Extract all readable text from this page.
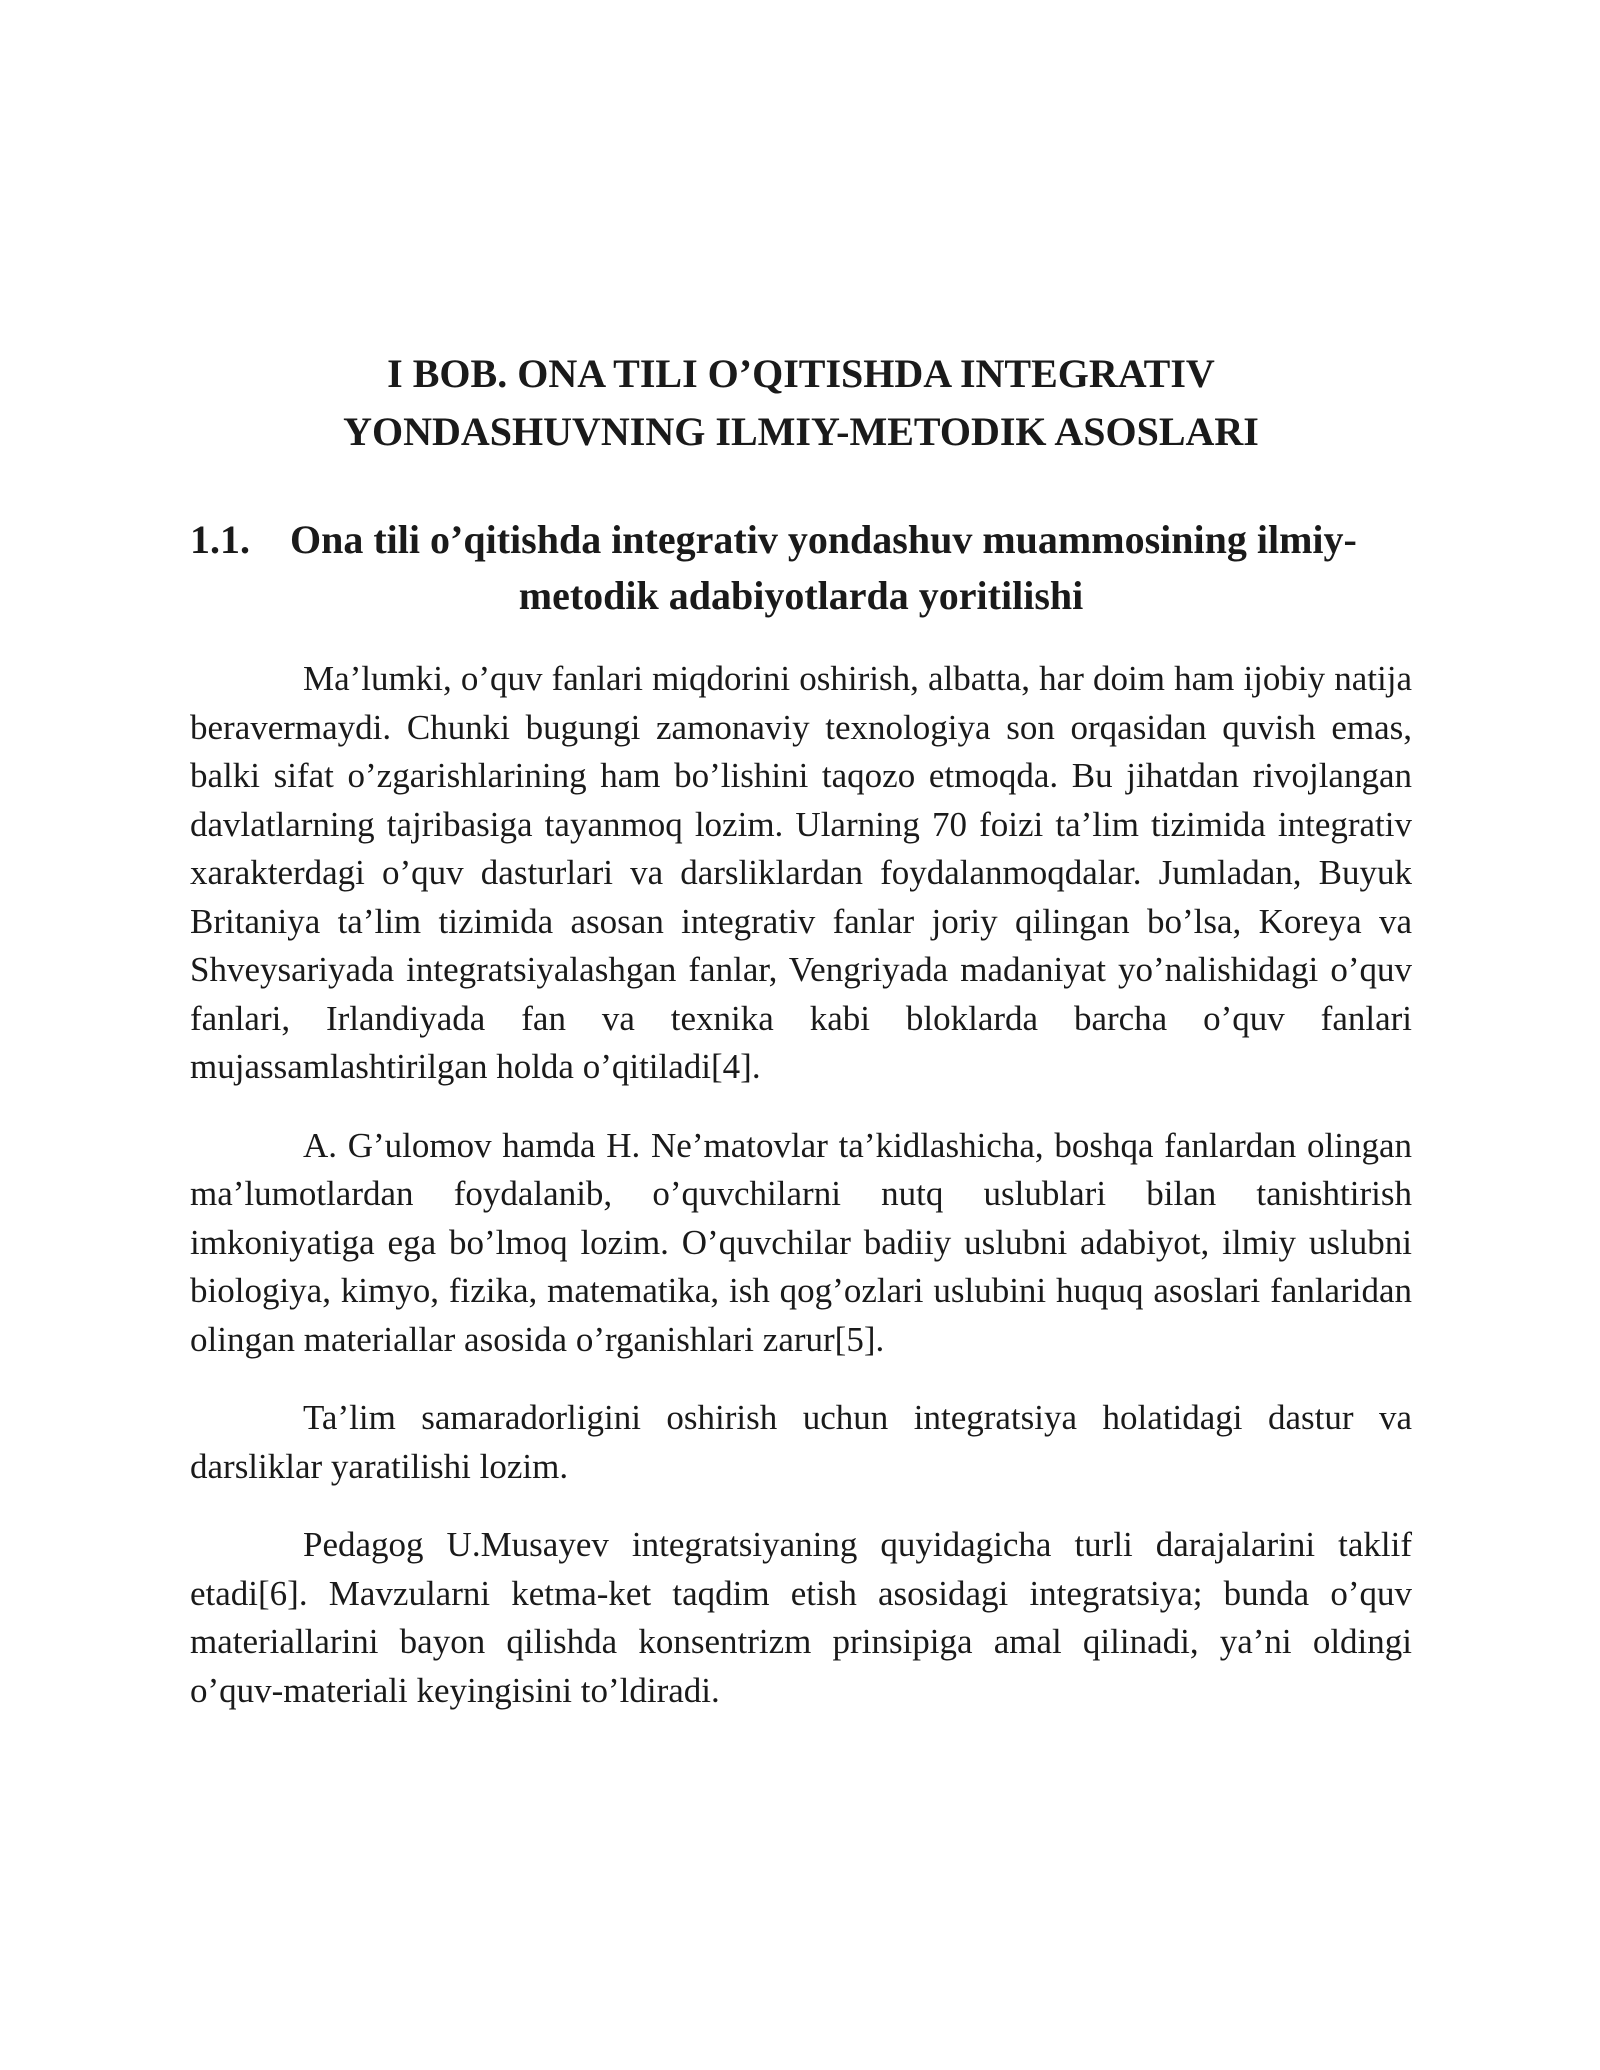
I BOB. ONA TILI O’QITISHDA INTEGRATIV
YONDASHUVNING ILMIY-METODIK ASOSLARI
1.1.	Ona tili o’qitishda integrativ yondashuv muammosining ilmiy-
metodik adabiyotlarda yoritilishi

Ma’lumki, o’quv fanlari miqdorini oshirish, albatta, har doim ham ijobiy natija beravermaydi. Chunki bugungi zamonaviy texnologiya son orqasidan quvish emas, balki sifat o’zgarishlarining ham bo’lishini taqozo etmoqda. Bu jihatdan rivojlangan davlatlarning tajribasiga tayanmoq lozim. Ularning 70 foizi ta’lim tizimida integrativ xarakterdagi o’quv dasturlari va darsliklardan foydalanmoqdalar. Jumladan, Buyuk Britaniya ta’lim tizimida asosan integrativ fanlar joriy qilingan bo’lsa, Koreya va Shveysariyada integratsiyalashgan fanlar, Vengriyada madaniyat yo’nalishidagi o’quv fanlari, Irlandiyada fan va texnika kabi bloklarda barcha o’quv fanlari mujassamlashtirilgan holda o’qitiladi[4].

A. G’ulomov hamda H. Ne’matovlar ta’kidlashicha, boshqa fanlardan olingan ma’lumotlardan foydalanib, o’quvchilarni nutq uslublari bilan tanishtirish imkoniyatiga ega bo’lmoq lozim. O’quvchilar badiiy uslubni adabiyot, ilmiy uslubni biologiya, kimyo, fizika, matematika, ish qog’ozlari uslubini huquq asoslari fanlaridan olingan materiallar asosida o’rganishlari zarur[5].

Ta’lim samaradorligini oshirish uchun integratsiya holatidagi dastur va darsliklar yaratilishi lozim.

Pedagog U.Musayev integratsiyaning quyidagicha turli darajalarini taklif etadi[6]. Mavzularni ketma-ket taqdim etish asosidagi integratsiya; bunda o’quv materiallarini bayon qilishda konsentrizm prinsipiga amal qilinadi, ya’ni oldingi o’quv-materiali keyingisini to’ldiradi.
